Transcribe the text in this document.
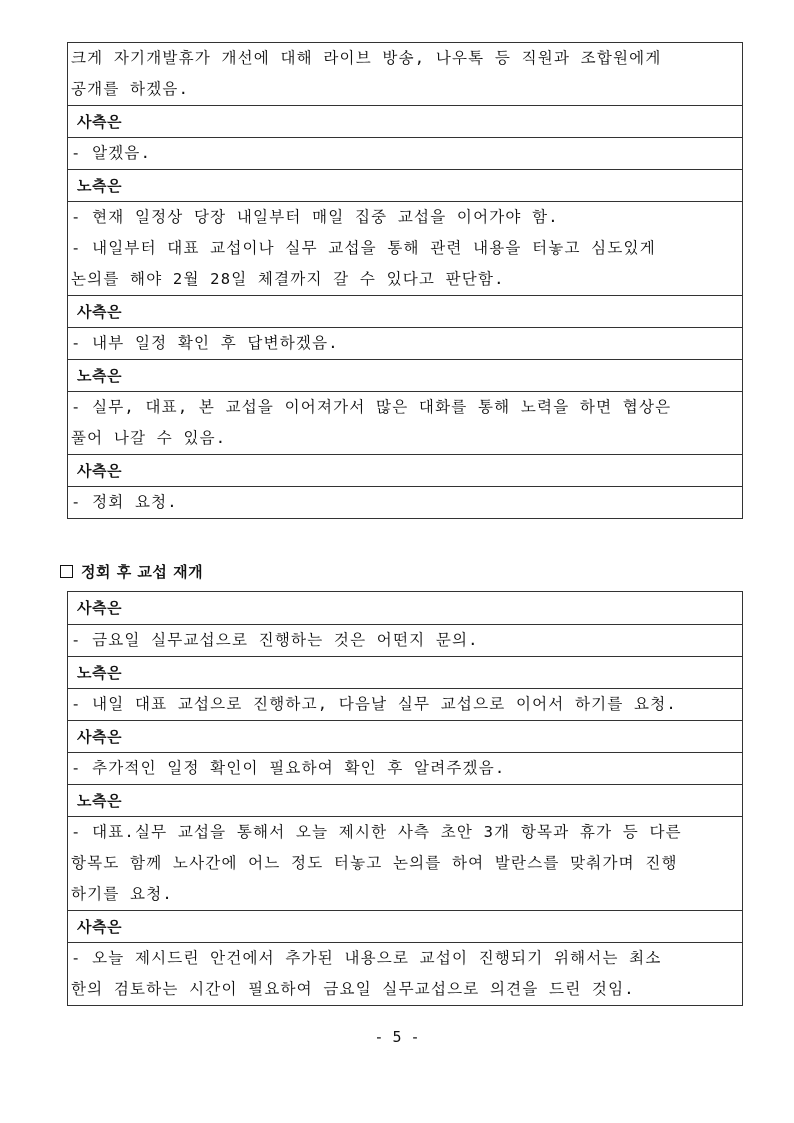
크게 자기개발휴가 개선에 대해 라이브 방송, 나우톡 등 직원과 조합원에게
공개를 하겠음.
사측은
- 알겠음.
노측은
- 현재 일정상 당장 내일부터 매일 집중 교섭을 이어가야 함.
- 내일부터 대표 교섭이나 실무 교섭을 통해 관련 내용을 터놓고 심도있게
논의를 해야 2월 28일 체결까지 갈 수 있다고 판단함.
사측은
- 내부 일정 확인 후 답변하겠음.
노측은
- 실무, 대표, 본 교섭을 이어져가서 많은 대화를 통해 노력을 하면 협상은
풀어 나갈 수 있음.
사측은
- 정회 요청.
정회 후 교섭 재개
사측은
- 금요일 실무교섭으로 진행하는 것은 어떤지 문의.
노측은
- 내일 대표 교섭으로 진행하고, 다음날 실무 교섭으로 이어서 하기를 요청.
사측은
- 추가적인 일정 확인이 필요하여 확인 후 알려주겠음.
노측은
- 대표.실무 교섭을 통해서 오늘 제시한 사측 초안 3개 항목과 휴가 등 다른
항목도 함께 노사간에 어느 정도 터놓고 논의를 하여 발란스를 맞춰가며 진행
하기를 요청.
사측은
- 오늘 제시드린 안건에서 추가된 내용으로 교섭이 진행되기 위해서는 최소
한의 검토하는 시간이 필요하여 금요일 실무교섭으로 의견을 드린 것임.
- 5 -
